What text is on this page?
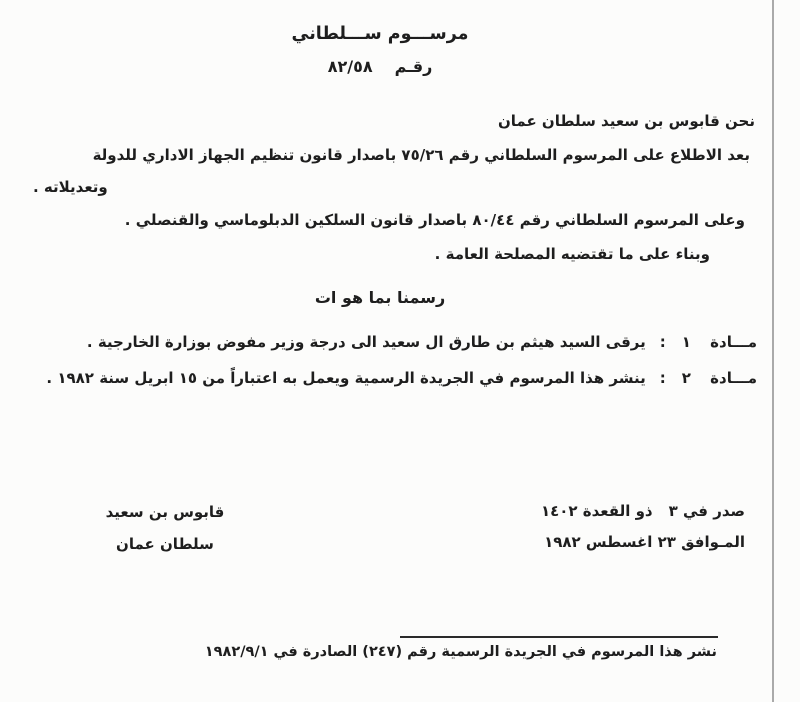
مرســـوم ســـلطاني
رقـم٨٢/٥٨
نحن قابوس بن سعيد سلطان عمان
بعد الاطلاع على المرسوم السلطاني رقم ٧٥/٢٦ باصدار قانون تنظيم الجهاز الاداري للدولة
وتعديلاته .
وعلى المرسوم السلطاني رقم ٨٠/٤٤ باصدار قانون السلكين الدبلوماسي والقنصلي .
وبناء على ما تقتضيه المصلحة العامة .
رسمنا بما هو ات
مـــادة ١
:
يرقى السيد هيثم بن طارق ال سعيد الى درجة وزير مفوض بوزارة الخارجية .
مـــادة ٢
:
ينشر هذا المرسوم في الجريدة الرسمية ويعمل به اعتباراً من ١٥ ابريل سنة ١٩٨٢ .
صدر في ٣ذو القعدة ١٤٠٢
المـوافق ٢٣ اغسطس ١٩٨٢
قابوس بن سعيد
سلطان عمان
نشر هذا المرسوم في الجريدة الرسمية رقم (٢٤٧) الصادرة في ١٩٨٢/٩/١
